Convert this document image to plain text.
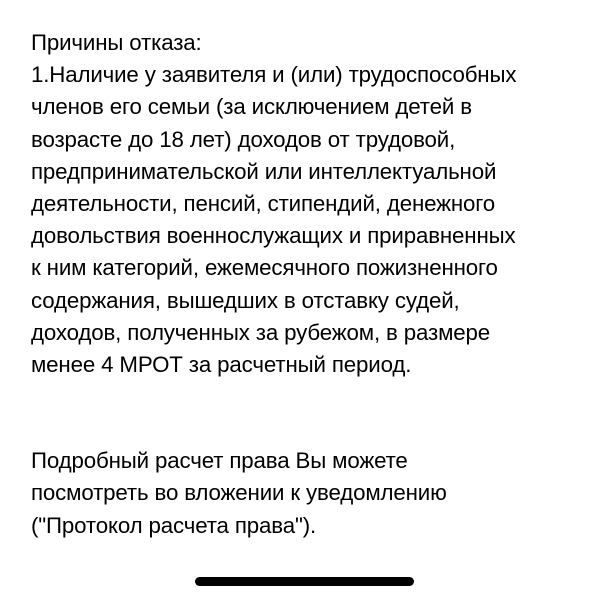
Причины отказа:

1.Наличие у заявителя и (или) трудоспособных
членов его семьи (за исключением детей в
возрасте до 18 лет) доходов от трудовой,
предпринимательской или интеллектуальной
деятельности, пенсий, стипендий, денежного
довольствия военнослужащих и приравненных
к ним категорий, ежемесячного пожизненного
содержания, вышедших в отставку судей,
доходов, полученных за рубежом, в размере
менее 4 МРОТ за расчетный период.

Подробный расчет права Вы можете
посмотреть во вложении к уведомлению
("Протокол расчета права").
